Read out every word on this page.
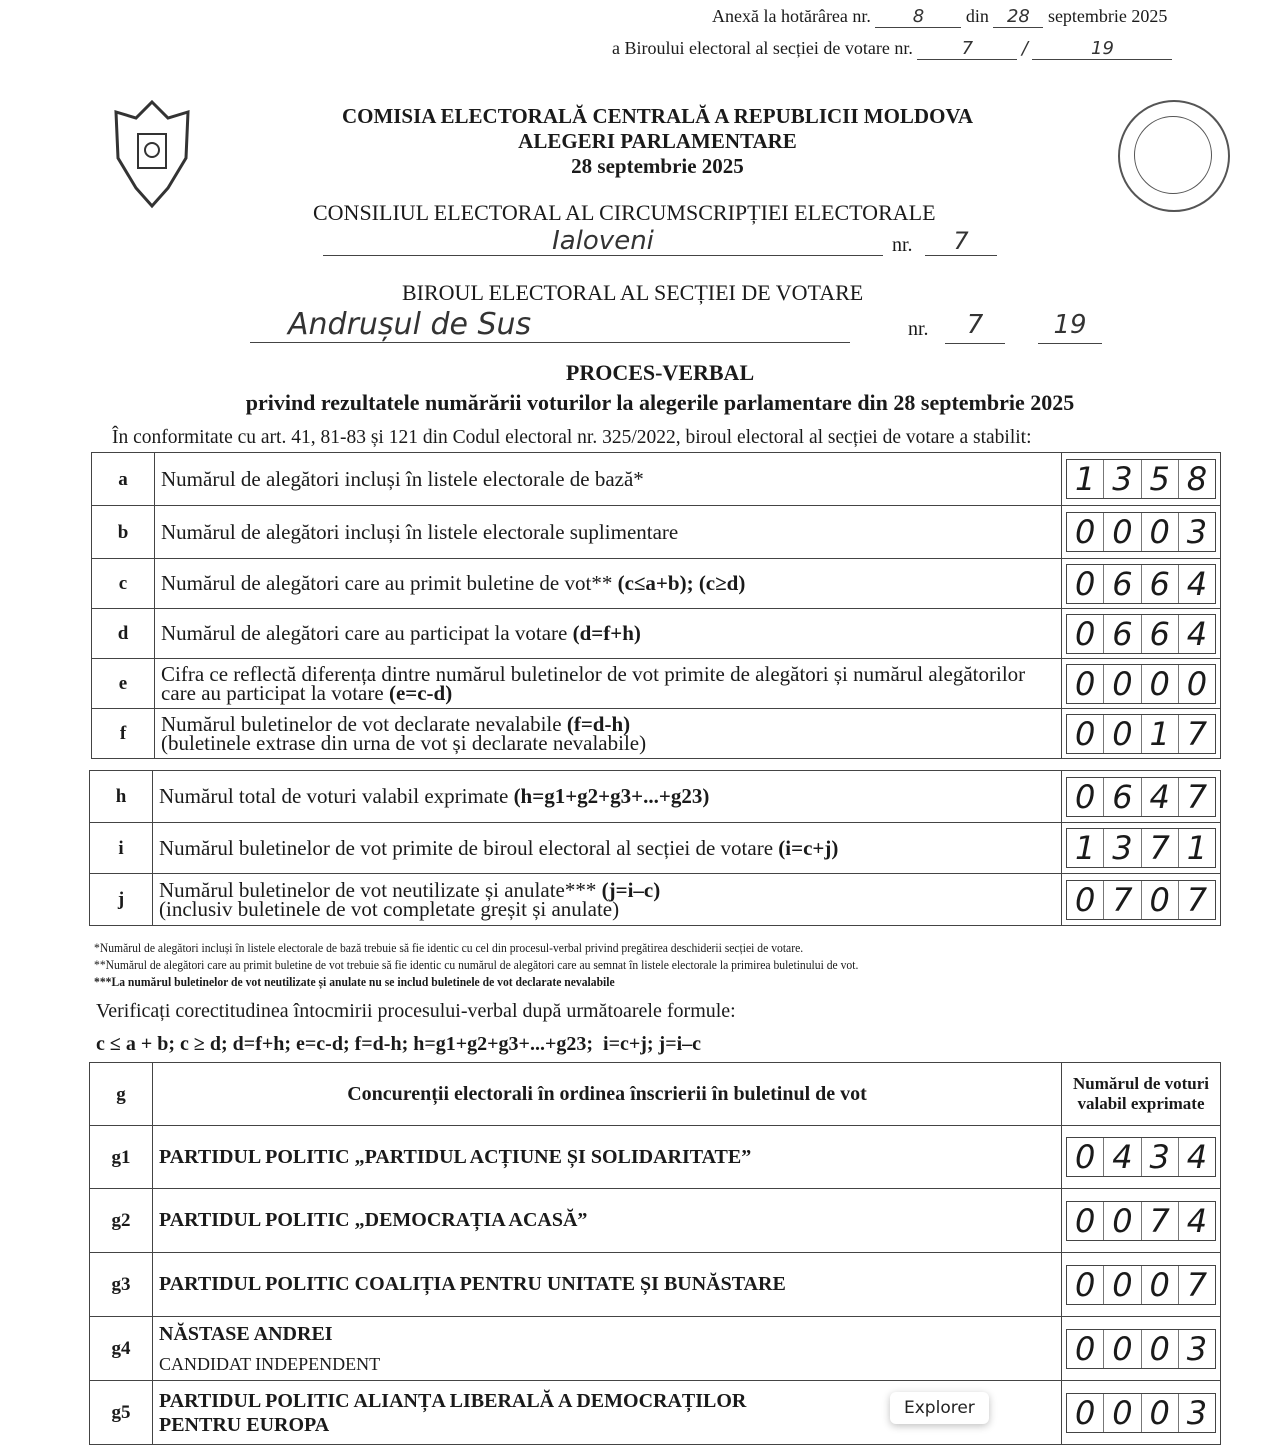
Anexă la hotărârea nr. 8 din 28 septembrie 2025
a Biroului electoral al secției de votare nr.	7	/	19
COMISIA ELECTORALĂ CENTRALĂ A REPUBLICII MOLDOVA
ALEGERI PARLAMENTARE
28 septembrie 2025
CONSILIUL ELECTORAL AL CIRCUMSCRIPȚIEI ELECTORALE
Ialoveni	nr.	7
BIROUL ELECTORAL AL SECȚIEI DE VOTARE
Andrușul de Sus	nr.	7	19
PROCES-VERBAL
privind rezultatele numărării voturilor la alegerile parlamentare din 28 septembrie 2025
În conformitate cu art. 41, 81-83 și 121 din Codul electoral nr. 325/2022, biroul electoral al secției de votare a stabilit:
a	Numărul de alegători incluși în listele electorale de bază*	1 3 5 8

b	Numărul de alegători incluși în listele electorale suplimentare	0 0 0 3

c	Numărul de alegători care au primit buletine de vot** (c≤a+b); (c≥d)	0 6 6 4

d	Numărul de alegători care au participat la votare (d=f+h)	0 6 6 4

e	Cifra ce reflectă diferența dintre numărul buletinelor de vot primite de alegători și numărul alegătorilor care au participat la votare (e=c-d)	0 0 0 0

f	Numărul buletinelor de vot declarate nevalabile (f=d-h)
(buletinele extrase din urna de vot și declarate nevalabile)	0 0 1 7
h	Numărul total de voturi valabil exprimate (h=g1+g2+g3+...+g23)	0 6 4 7

i	Numărul buletinelor de vot primite de biroul electoral al secției de votare (i=c+j)	1 3 7 1

j	Numărul buletinelor de vot neutilizate și anulate*** (j=i–c)
(inclusiv buletinele de vot completate greșit și anulate)	0 7 0 7
*Numărul de alegători incluși în listele electorale de bază trebuie să fie identic cu cel din procesul-verbal privind pregătirea deschiderii secției de votare.
**Numărul de alegători care au primit buletine de vot trebuie să fie identic cu numărul de alegători care au semnat în listele electorale la primirea buletinului de vot.
***La numărul buletinelor de vot neutilizate și anulate nu se includ buletinele de vot declarate nevalabile
Verificați corectitudinea întocmirii procesului-verbal după următoarele formule:
c ≤ a + b; c ≥ d; d=f+h; e=c-d; f=d-h; h=g1+g2+g3+...+g23;  i=c+j; j=i–c
g	Concurenții electorali în ordinea înscrierii în buletinul de vot	Numărul de voturi valabil exprimate
g1	PARTIDUL POLITIC „PARTIDUL ACȚIUNE ȘI SOLIDARITATE”	0 4 3 4

g2	PARTIDUL POLITIC „DEMOCRAȚIA ACASĂ”	0 0 7 4

g3	PARTIDUL POLITIC COALIȚIA PENTRU UNITATE ȘI BUNĂSTARE	0 0 0 7

g4	NĂSTASE ANDREI
CANDIDAT INDEPENDENT	0 0 0 3

g5	PARTIDUL POLITIC ALIANȚA LIBERALĂ A DEMOCRAȚILOR PENTRU EUROPA	0 0 0 3
Explorer
